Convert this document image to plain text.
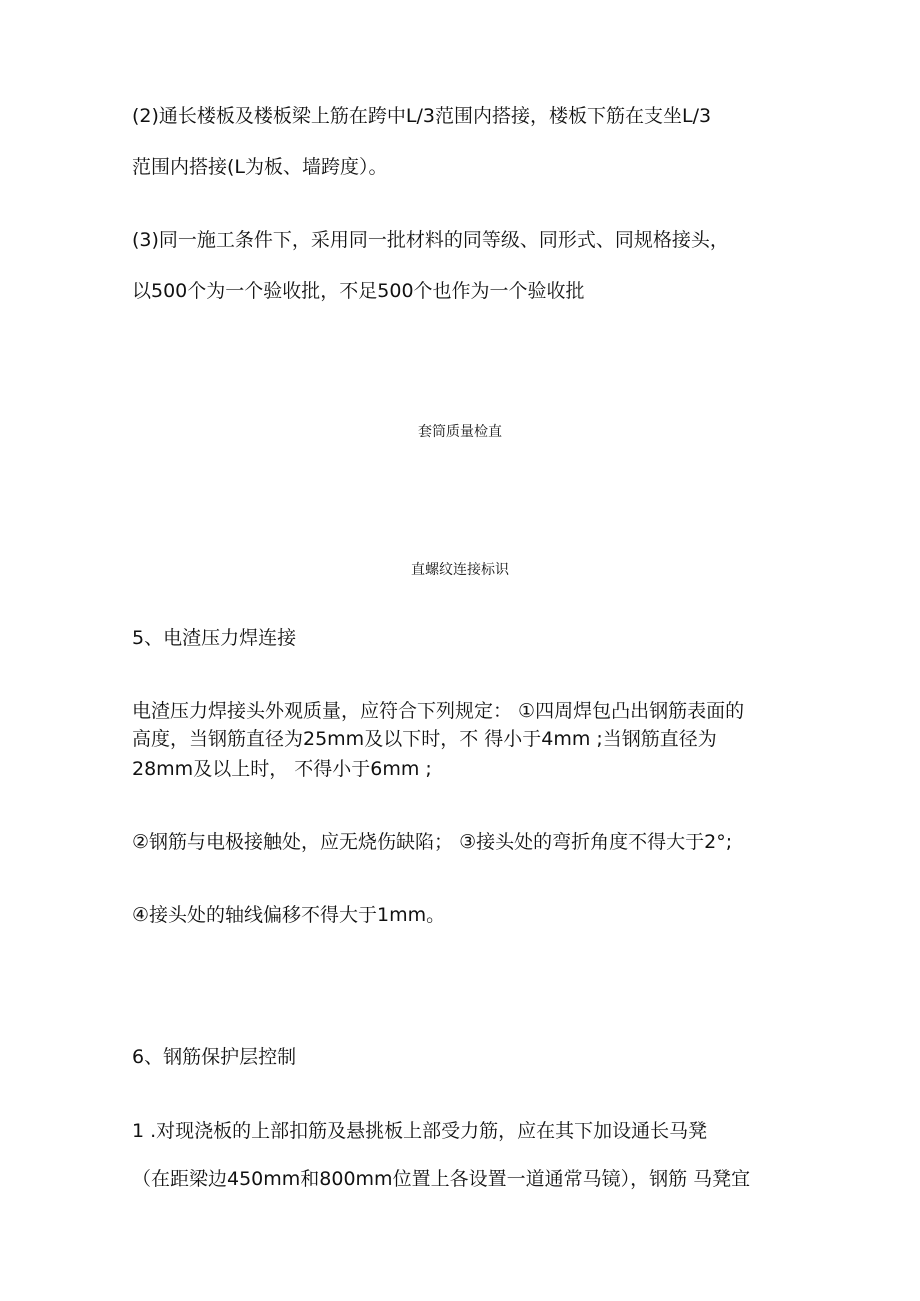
(2)通长楼板及楼板梁上筋在跨中L/3范围内搭接，楼板下筋在支坐L/3

范围内搭接(L为板、墙跨度）。

(3)同一施工条件下，采用同一批材料的同等级、同形式、同规格接头，

以500个为一个验收批，不足500个也作为一个验收批

套筒质量检直

直螺纹连接标识

5、电渣压力焊连接

电渣压力焊接头外观质量，应符合下列规定： ①四周焊包凸出钢筋表面的

高度，当钢筋直径为25mm及以下时，不 得小于4mm ;当钢筋直径为

28mm及以上时， 不得小于6mm ;

②钢筋与电极接触处，应无烧伤缺陷； ③接头处的弯折角度不得大于2°;

④接头处的轴线偏移不得大于1mm。

6、钢筋保护层控制

1 .对现浇板的上部扣筋及悬挑板上部受力筋，应在其下加设通长马凳

（在距梁边450mm和800mm位置上各设置一道通常马镜），钢筋 马凳宜
